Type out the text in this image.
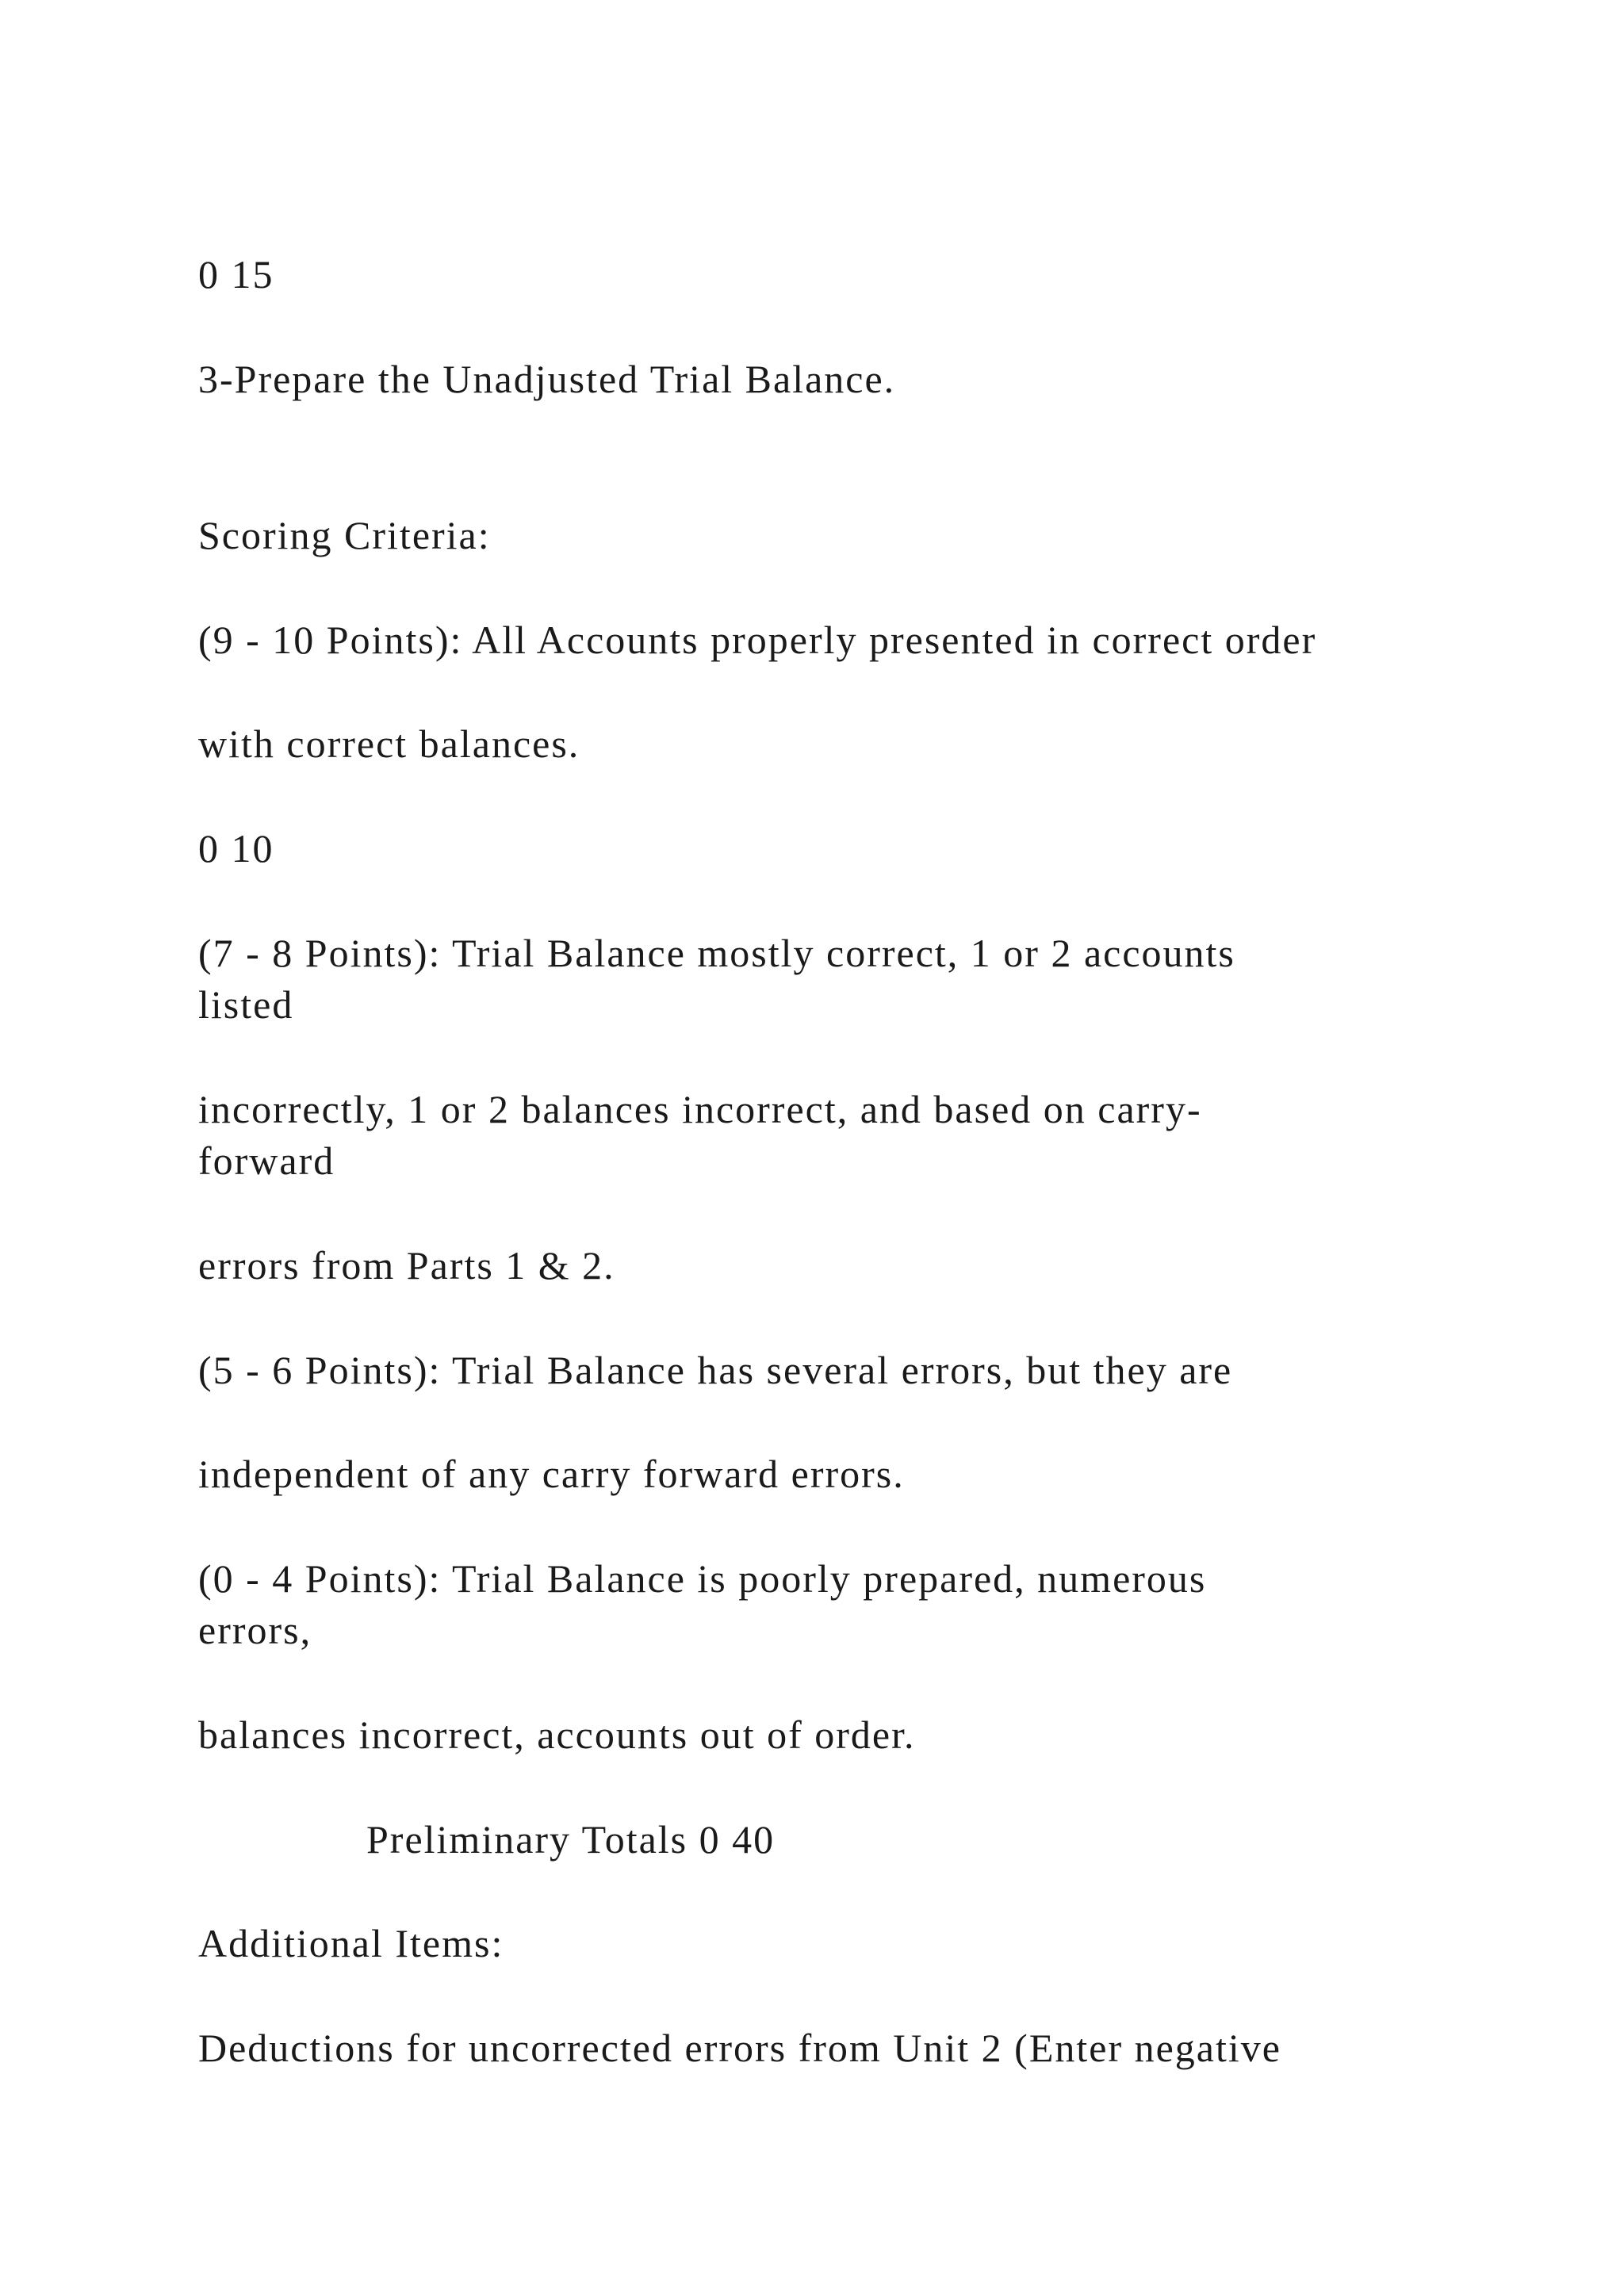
0 15

3-Prepare the Unadjusted Trial Balance.

Scoring Criteria:

(9 - 10 Points): All Accounts properly presented in correct order

with correct balances.

0 10

(7 - 8 Points): Trial Balance mostly correct, 1 or 2 accounts

listed

incorrectly, 1 or 2 balances incorrect, and based on carry-

forward

errors from Parts 1 & 2.

(5 - 6 Points): Trial Balance has several errors, but they are

independent of any carry forward errors.

(0 - 4 Points): Trial Balance is poorly prepared, numerous

errors,

balances incorrect, accounts out of order.

Preliminary Totals 0 40

Additional Items:

Deductions for uncorrected errors from Unit 2 (Enter negative
